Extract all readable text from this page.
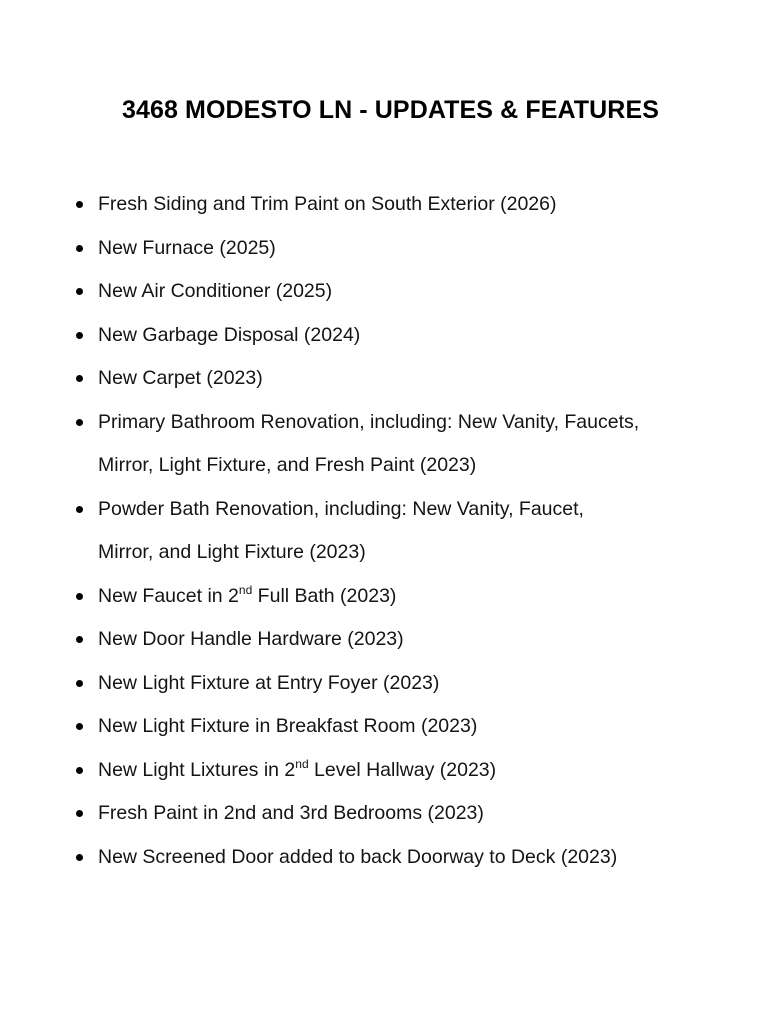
3468 MODESTO LN - UPDATES & FEATURES
Fresh Siding and Trim Paint on South Exterior (2026)
New Furnace (2025)
New Air Conditioner (2025)
New Garbage Disposal (2024)
New Carpet (2023)
Primary Bathroom Renovation, including: New Vanity, Faucets,
Mirror, Light Fixture, and Fresh Paint (2023)
Powder Bath Renovation, including: New Vanity, Faucet,
Mirror, and Light Fixture (2023)
New Faucet in 2nd Full Bath (2023)
New Door Handle Hardware (2023)
New Light Fixture at Entry Foyer (2023)
New Light Fixture in Breakfast Room (2023)
New Light Lixtures in 2nd Level Hallway (2023)
Fresh Paint in 2nd and 3rd Bedrooms (2023)
New Screened Door added to back Doorway to Deck (2023)
